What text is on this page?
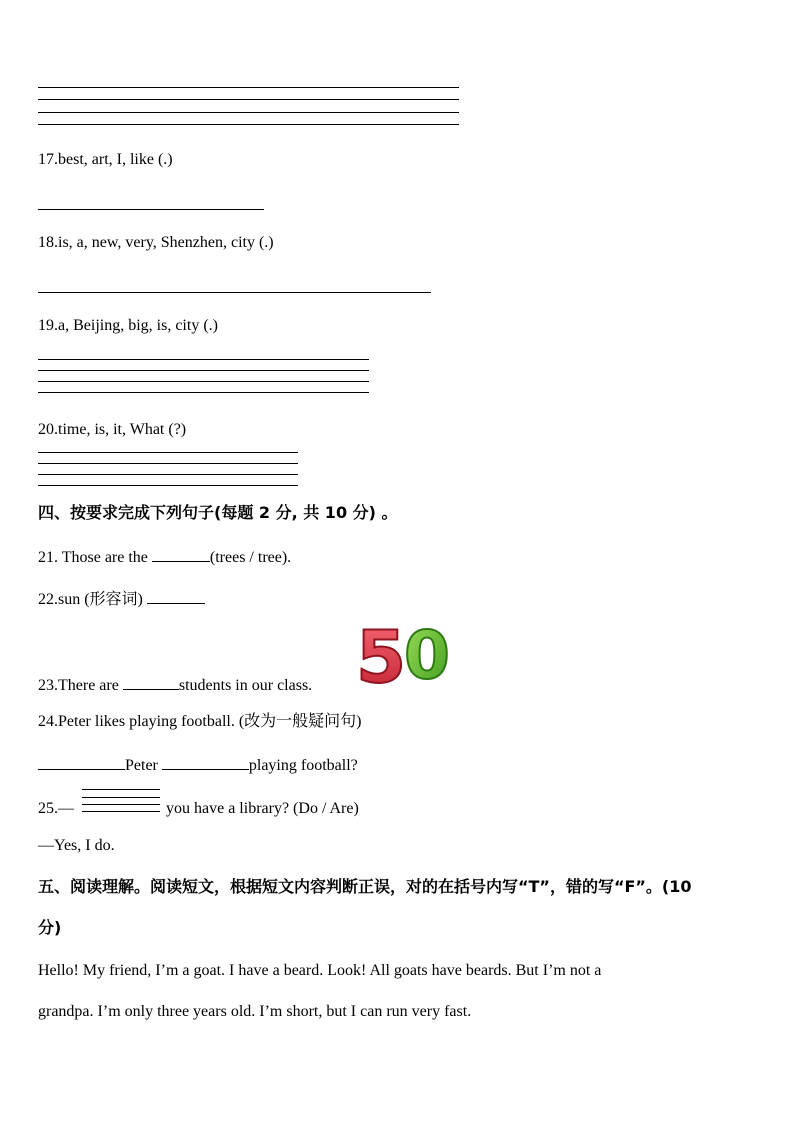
17.best, art, I, like (.)
18.is, a, new, very, Shenzhen, city (.)
19.a, Beijing, big, is, city (.)
20.time, is, it, What (?)
四、按要求完成下列句子(每题 2 分, 共 10 分) 。
21. Those are the	(trees / tree).
22.sun (形容词)
23.There are	students in our class. 5
0
24.Peter likes playing football. (改为一般疑问句)
Peter	playing football?
25.—	you have a library? (Do / Are)
—Yes, I do.
五、阅读理解。阅读短文，根据短文内容判断正误，对的在括号内写“T”，错的写“F”。(10
分)
Hello! My friend, I’m a goat. I have a beard. Look! All goats have beards. But I’m not a
grandpa. I’m only three years old. I’m short, but I can run very fast.
